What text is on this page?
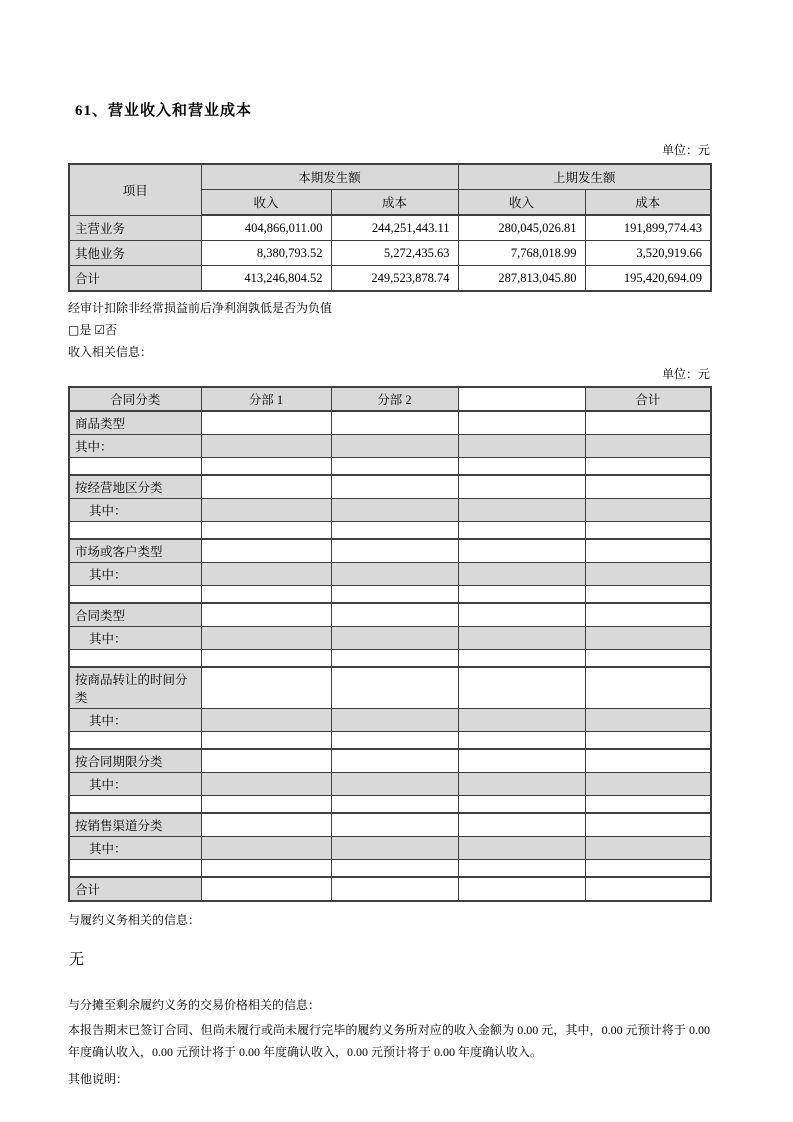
61、营业收入和营业成本
单位：元
项目	本期发生额		上期发生额	
	收入	成本	收入	成本
主营业务	404,866,011.00	244,251,443.11	280,045,026.81	191,899,774.43
其他业务	8,380,793.52	5,272,435.63	7,768,018.99	3,520,919.66
合计	413,246,804.52	249,523,878.74	287,813,045.80	195,420,694.09
经审计扣除非经常损益前后净利润孰低是否为负值
□是 ☑否
收入相关信息：
单位：元
合同分类	分部 1	分部 2		合计
商品类型				
其中：				

按经营地区分类				
其中：				

市场或客户类型				
其中：				

合同类型				
其中：				

按商品转让的时间分类				
其中：				

按合同期限分类				
其中：				

按销售渠道分类				
其中：				

合计				
与履约义务相关的信息：
无
与分摊至剩余履约义务的交易价格相关的信息：
本报告期末已签订合同、但尚未履行或尚未履行完毕的履约义务所对应的收入金额为 0.00 元，其中，0.00 元预计将于 0.00 年度确认收入，0.00 元预计将于 0.00 年度确认收入，0.00 元预计将于 0.00 年度确认收入。
其他说明：
